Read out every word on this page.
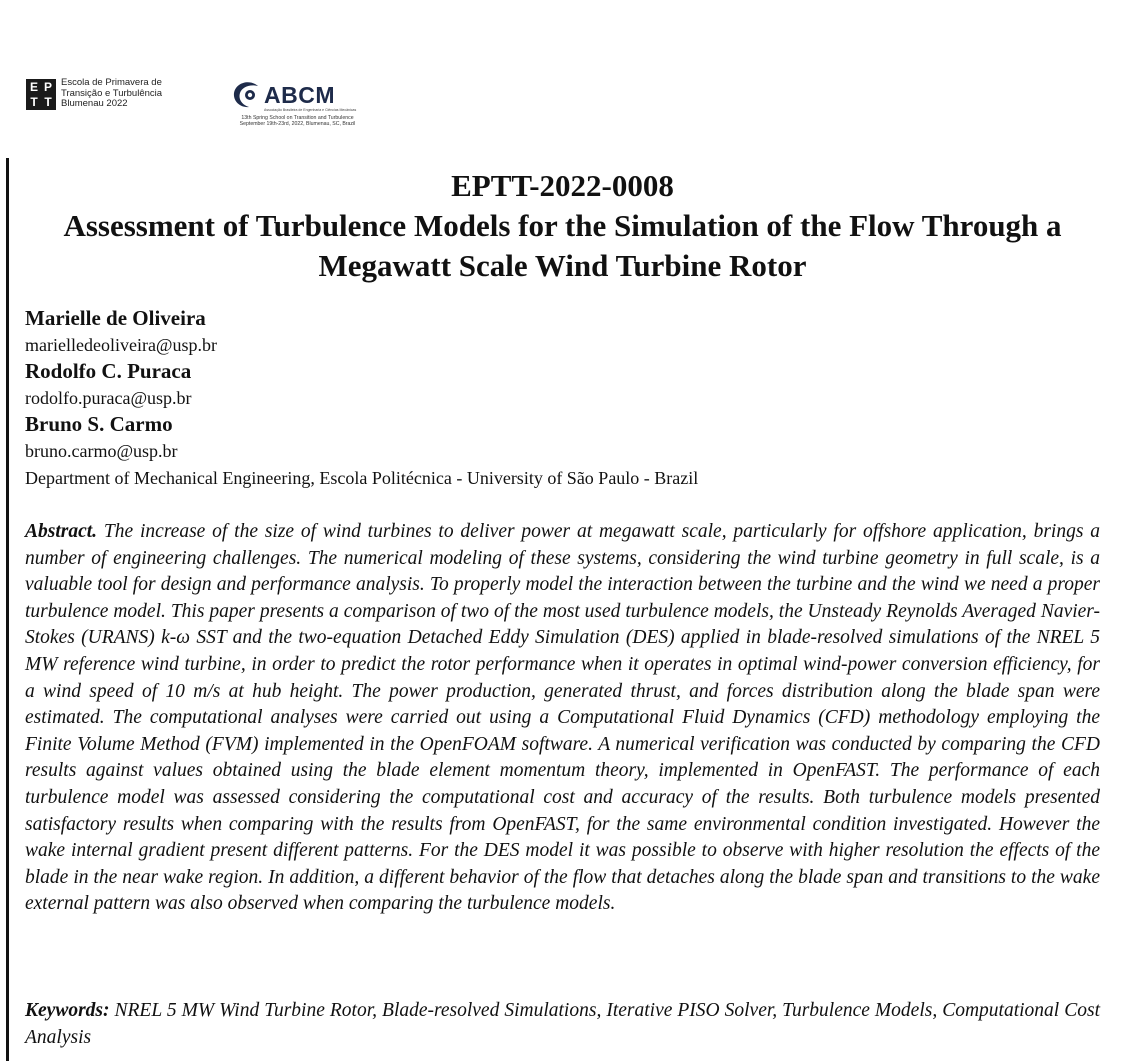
E P
T T
Escola de Primavera de
Transição e Turbulência
Blumenau 2022	ABCM
Associação Brasileira de Engenharia e Ciências Mecânicas
13th Spring School on Transition and Turbulence
September 19th-23rd, 2022, Blumenau, SC, Brazil
EPTT-2022-0008
Assessment of Turbulence Models for the Simulation of the Flow Through a Megawatt Scale Wind Turbine Rotor
Marielle de Oliveira
marielledeoliveira@usp.br
Rodolfo C. Puraca
rodolfo.puraca@usp.br
Bruno S. Carmo
bruno.carmo@usp.br
Department of Mechanical Engineering, Escola Politécnica - University of São Paulo - Brazil
Abstract. The increase of the size of wind turbines to deliver power at megawatt scale, particularly for offshore application, brings a number of engineering challenges. The numerical modeling of these systems, considering the wind turbine geometry in full scale, is a valuable tool for design and performance analysis. To properly model the interaction between the turbine and the wind we need a proper turbulence model. This paper presents a comparison of two of the most used turbulence models, the Unsteady Reynolds Averaged Navier-Stokes (URANS) k-ω SST and the two-equation Detached Eddy Simulation (DES) applied in blade-resolved simulations of the NREL 5 MW reference wind turbine, in order to predict the rotor performance when it operates in optimal wind-power conversion efficiency, for a wind speed of 10 m/s at hub height. The power production, generated thrust, and forces distribution along the blade span were estimated. The computational analyses were carried out using a Computational Fluid Dynamics (CFD) methodology employing the Finite Volume Method (FVM) implemented in the OpenFOAM software. A numerical verification was conducted by comparing the CFD results against values obtained using the blade element momentum theory, implemented in OpenFAST. The performance of each turbulence model was assessed considering the computational cost and accuracy of the results. Both turbulence models presented satisfactory results when comparing with the results from OpenFAST, for the same environmental condition investigated. However the wake internal gradient present different patterns. For the DES model it was possible to observe with higher resolution the effects of the blade in the near wake region. In addition, a different behavior of the flow that detaches along the blade span and transitions to the wake external pattern was also observed when comparing the turbulence models.
Keywords: NREL 5 MW Wind Turbine Rotor, Blade-resolved Simulations, Iterative PISO Solver, Turbulence Models, Computational Cost Analysis
